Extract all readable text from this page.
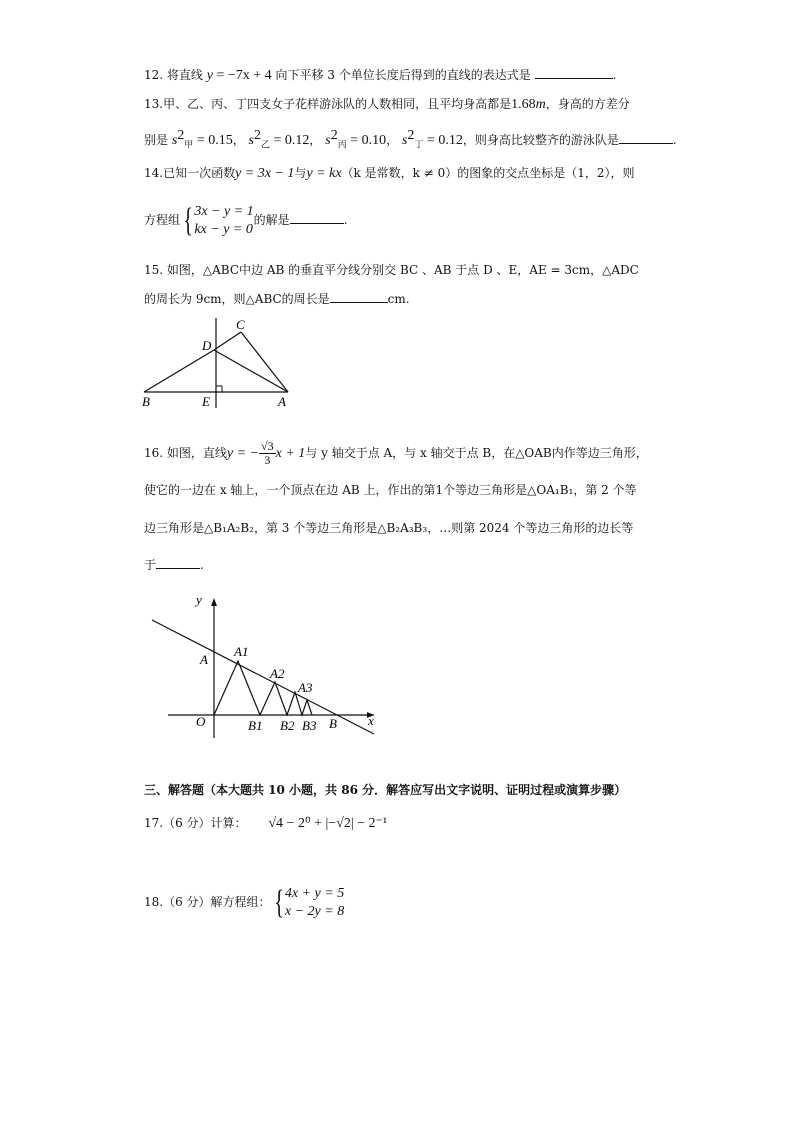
12. 将直线 y = −7x + 4 向下平移 3 个单位长度后得到的直线的表达式是	.
13.甲、乙、丙、丁四支女子花样游泳队的人数相同，且平均身高都是1.68m，身高的方差分
别是 $s^2_甲 = 0.15$， $s^2_乙 = 0.12$， $s^2_丙 = 0.10$， $s^2_丁 = 0.12$，则身高比较整齐的游泳队是	.
14.已知一次函数y = 3x − 1与y = kx（k 是常数，k ≠ 0）的图象的交点坐标是（1，2），则
方程组 { 3x − y = 1
kx − y = 0
的解是	.
15. 如图，△ABC中边 AB 的垂直平分线分别交 BC 、AB 于点 D 、E，AE = 3cm，△ADC
的周长为 9cm，则△ABC的周长是	cm.
C
D
B	E	A
16. 如图，直线y = − $\frac{√3}{3}$ x + 1与 y 轴交于点 A，与 x 轴交于点 B，在△OAB内作等边三角形，
使它的一边在 x 轴上，一个顶点在边 AB 上，作出的第1个等边三角形是△OA₁B₁，第 2 个等
边三角形是△B₁A₂B₂，第 3 个等边三角形是△B₂A₃B₃，…则第 2024 个等边三角形的边长等
于	.
y
x
A
O
A1
A2
A3
B1 B2 B3 B
三、解答题（本大题共 10 小题，共 86 分．解答应写出文字说明、证明过程或演算步骤）
17.（6 分）计算： √4 − 2⁰ + |−√2| − 2⁻¹
18.（6 分）解方程组： { 4x + y = 5
x − 2y = 8
